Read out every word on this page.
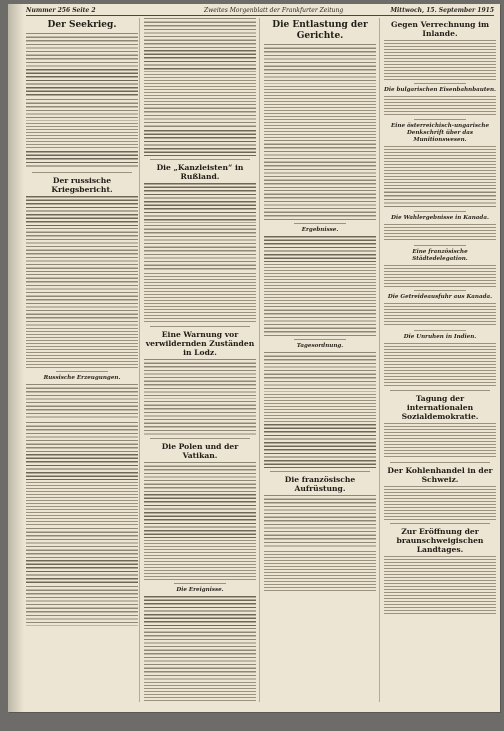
Nummer 256 Seite 2	Zweites Morgenblatt der Frankfurter Zeitung	Mittwoch, 15. September 1915
Der Seekrieg.
Der russische Kriegsbericht.
Russische Erzeugungen.
Die „Kanzleisten“ in Rußland.
Eine Warnung vor verwildernden Zuständen in Lodz.
Die Polen und der Vatikan.
Die Ereignisse.
Die Entlastung der Gerichte.
Ergebnisse.
Tagesordnung.
Die französische Aufrüstung.
Gegen Verrechnung im Inlande.
Die bulgarischen Eisenbahnbauten.
Eine österreichisch-ungarische Denkschrift über das Munitionswesen.
Die Wahlergebnisse in Kanada.
Eine französische Städtedelegation.
Die Getreideausfuhr aus Kanada.
Die Unruhen in Indien.
Tagung der internationalen Sozialdemokratie.
Der Kohlenhandel in der Schweiz.
Zur Eröffnung der braunschweigischen Landtages.
